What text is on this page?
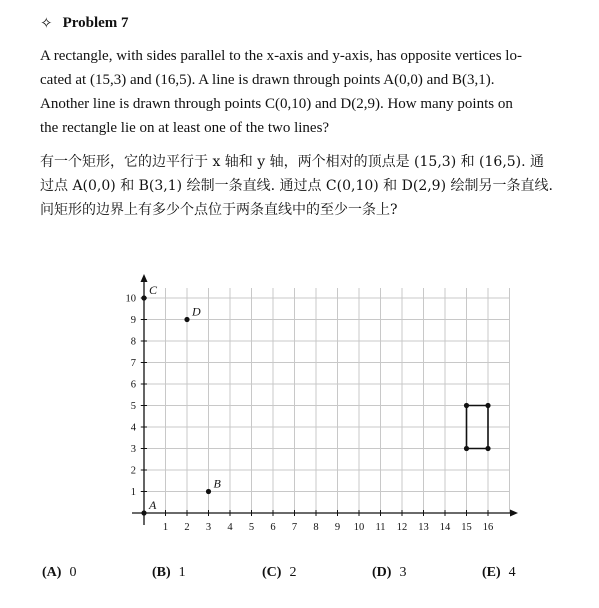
✧ Problem 7
A rectangle, with sides parallel to the x-axis and y-axis, has opposite vertices lo-
cated at (15,3) and (16,5). A line is drawn through points A(0,0) and B(3,1).
Another line is drawn through points C(0,10) and D(2,9). How many points on
the rectangle lie on at least one of the two lines?
有一个矩形，它的边平行于 x 轴和 y 轴，两个相对的顶点是 (15,3) 和 (16,5). 通
过点 A(0,0) 和 B(3,1) 绘制一条直线. 通过点 C(0,10) 和 D(2,9) 绘制另一条直线.
问矩形的边界上有多少个点位于两条直线中的至少一条上?
1 2 3 4 5 6 7 8 9 10 11 12 13 14 15 16
1
2
3
4
5
6
7
8
9
10
A
B
C
D
(A) 0	(B) 1	(C) 2	(D) 3	(E) 4
